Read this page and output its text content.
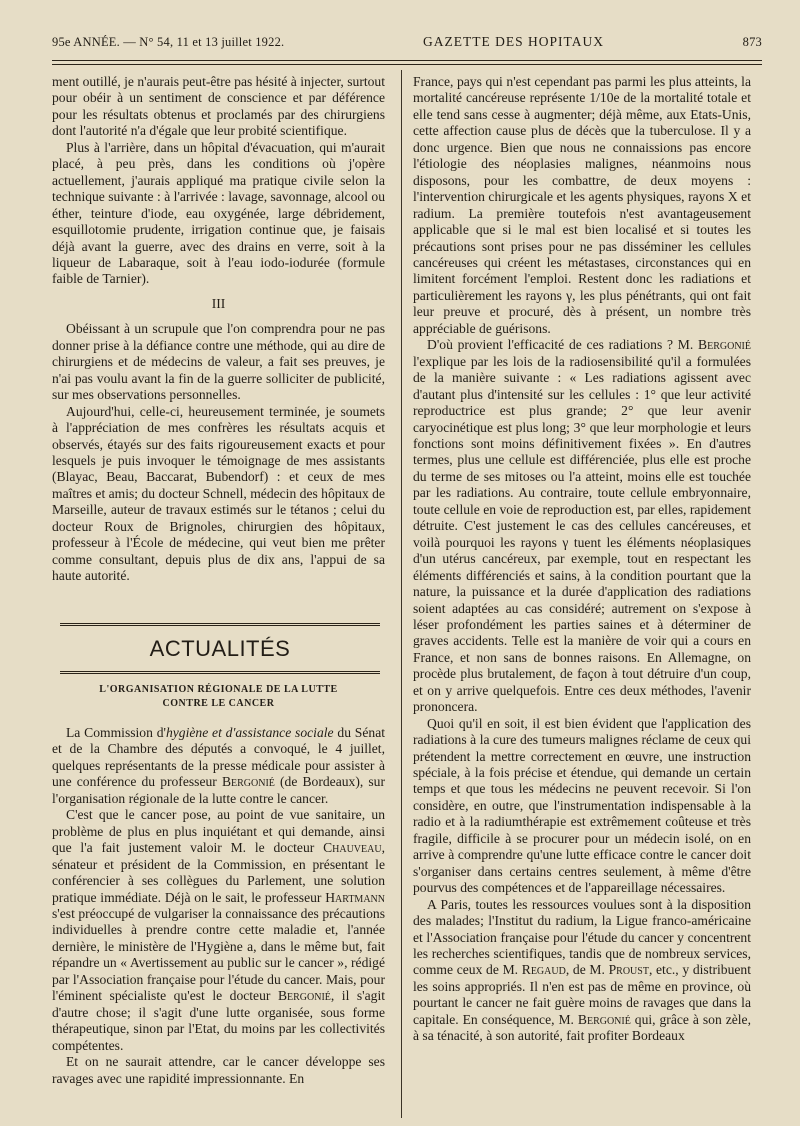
95e ANNÉE. — N° 54, 11 et 13 juillet 1922.	GAZETTE DES HOPITAUX	873

ment outillé, je n'aurais peut-être pas hésité à injecter, surtout pour obéir à un sentiment de conscience et par déférence pour les résultats obtenus et proclamés par des chirurgiens dont l'autorité n'a d'égale que leur probité scientifique.

Plus à l'arrière, dans un hôpital d'évacuation, qui m'aurait placé, à peu près, dans les conditions où j'opère actuellement, j'aurais appliqué ma pratique civile selon la technique suivante : à l'arrivée : lavage, savonnage, alcool ou éther, teinture d'iode, eau oxygénée, large débridement, esquillotomie prudente, irrigation continue que, je faisais déjà avant la guerre, avec des drains en verre, soit à la liqueur de Labaraque, soit à l'eau iodo-iodurée (formule faible de Tarnier).

III

Obéissant à un scrupule que l'on comprendra pour ne pas donner prise à la défiance contre une méthode, qui au dire de chirurgiens et de médecins de valeur, a fait ses preuves, je n'ai pas voulu avant la fin de la guerre solliciter de publicité, sur mes observations personnelles.

Aujourd'hui, celle-ci, heureusement terminée, je soumets à l'appréciation de mes confrères les résultats acquis et observés, étayés sur des faits rigoureusement exacts et pour lesquels je puis invoquer le témoignage de mes assistants (Blayac, Beau, Baccarat, Bubendorf) : et ceux de mes maîtres et amis; du docteur Schnell, médecin des hôpitaux de Marseille, auteur de travaux estimés sur le tétanos ; celui du docteur Roux de Brignoles, chirurgien des hôpitaux, professeur à l'École de médecine, qui veut bien me prêter comme consultant, depuis plus de dix ans, l'appui de sa haute autorité.

ACTUALITÉS
L'ORGANISATION RÉGIONALE DE LA LUTTE
CONTRE LE CANCER

La Commission d'hygiène et d'assistance sociale du Sénat et de la Chambre des députés a convoqué, le 4 juillet, quelques représentants de la presse médicale pour assister à une conférence du professeur Bergonié (de Bordeaux), sur l'organisation régionale de la lutte contre le cancer.

C'est que le cancer pose, au point de vue sanitaire, un problème de plus en plus inquiétant et qui demande, ainsi que l'a fait justement valoir M. le docteur Chauveau, sénateur et président de la Commission, en présentant le conférencier à ses collègues du Parlement, une solution pratique immédiate. Déjà on le sait, le professeur Hartmann s'est préoccupé de vulgariser la connaissance des précautions individuelles à prendre contre cette maladie et, l'année dernière, le ministère de l'Hygiène a, dans le même but, fait répandre un « Avertissement au public sur le cancer », rédigé par l'Association française pour l'étude du cancer. Mais, pour l'éminent spécialiste qu'est le docteur Bergonié, il s'agit d'autre chose; il s'agit d'une lutte organisée, sous forme thérapeutique, sinon par l'Etat, du moins par les collectivités compétentes.

Et on ne saurait attendre, car le cancer développe ses ravages avec une rapidité impressionnante. En

France, pays qui n'est cependant pas parmi les plus atteints, la mortalité cancéreuse représente 1/10e de la mortalité totale et elle tend sans cesse à augmenter; déjà même, aux Etats-Unis, cette affection cause plus de décès que la tuberculose. Il y a donc urgence. Bien que nous ne connaissions pas encore l'étiologie des néoplasies malignes, néanmoins nous disposons, pour les combattre, de deux moyens : l'intervention chirurgicale et les agents physiques, rayons X et radium. La première toutefois n'est avantageusement applicable que si le mal est bien localisé et si toutes les précautions sont prises pour ne pas disséminer les cellules cancéreuses qui créent les métastases, circonstances qui en limitent forcément l'emploi. Restent donc les radiations et particulièrement les rayons γ, les plus pénétrants, qui ont fait leur preuve et procuré, dès à présent, un nombre très appréciable de guérisons.

D'où provient l'efficacité de ces radiations ? M. Bergonié l'explique par les lois de la radiosensibilité qu'il a formulées de la manière suivante : « Les radiations agissent avec d'autant plus d'intensité sur les cellules : 1° que leur activité reproductrice est plus grande; 2° que leur avenir caryocinétique est plus long; 3° que leur morphologie et leurs fonctions sont moins définitivement fixées ». En d'autres termes, plus une cellule est différenciée, plus elle est proche du terme de ses mitoses ou l'a atteint, moins elle est touchée par les radiations. Au contraire, toute cellule embryonnaire, toute cellule en voie de reproduction est, par elles, rapidement détruite. C'est justement le cas des cellules cancéreuses, et voilà pourquoi les rayons γ tuent les éléments néoplasiques d'un utérus cancéreux, par exemple, tout en respectant les éléments différenciés et sains, à la condition pourtant que la nature, la puissance et la durée d'application des radiations soient adaptées au cas considéré; autrement on s'expose à léser profondément les parties saines et à déterminer de graves accidents. Telle est la manière de voir qui a cours en France, et non sans de bonnes raisons. En Allemagne, on procède plus brutalement, de façon à tout détruire d'un coup, et on y arrive quelquefois. Entre ces deux méthodes, l'avenir prononcera.

Quoi qu'il en soit, il est bien évident que l'application des radiations à la cure des tumeurs malignes réclame de ceux qui prétendent la mettre correctement en œuvre, une instruction spéciale, à la fois précise et étendue, qui demande un certain temps et que tous les médecins ne peuvent recevoir. Si l'on considère, en outre, que l'instrumentation indispensable à la radio et à la radiumthérapie est extrêmement coûteuse et très fragile, difficile à se procurer pour un médecin isolé, on en arrive à comprendre qu'une lutte efficace contre le cancer doit s'organiser dans certains centres seulement, à même d'être pourvus des compétences et de l'appareillage nécessaires.

A Paris, toutes les ressources voulues sont à la disposition des malades; l'Institut du radium, la Ligue franco-américaine et l'Association française pour l'étude du cancer y concentrent les recherches scientifiques, tandis que de nombreux services, comme ceux de M. Regaud, de M. Proust, etc., y distribuent les soins appropriés. Il n'en est pas de même en province, où pourtant le cancer ne fait guère moins de ravages que dans la capitale. En conséquence, M. Bergonié qui, grâce à son zèle, à sa ténacité, à son autorité, fait profiter Bordeaux
